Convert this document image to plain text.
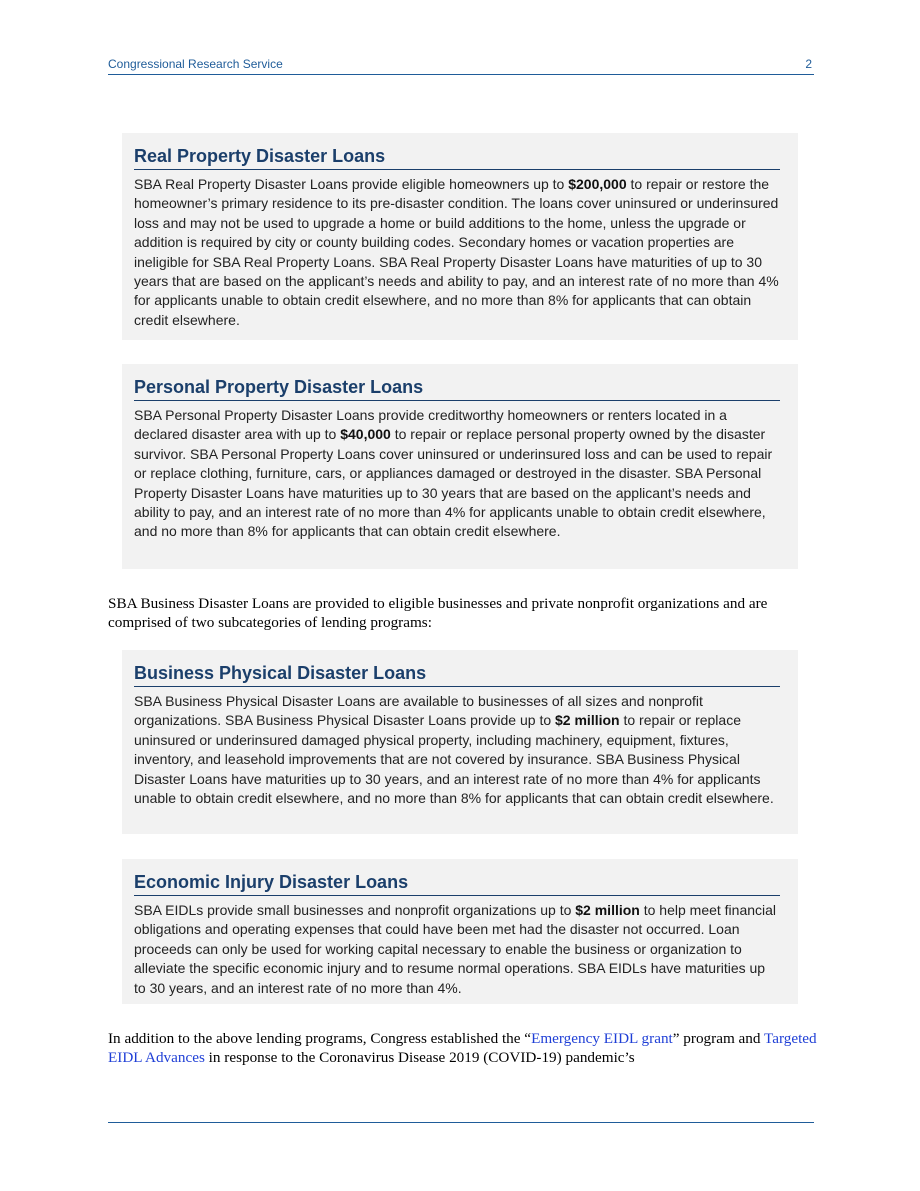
Congressional Research Service	2
Real Property Disaster Loans

SBA Real Property Disaster Loans provide eligible homeowners up to $200,000 to repair or restore the homeowner’s primary residence to its pre-disaster condition. The loans cover uninsured or underinsured loss and may not be used to upgrade a home or build additions to the home, unless the upgrade or addition is required by city or county building codes. Secondary homes or vacation properties are ineligible for SBA Real Property Loans. SBA Real Property Disaster Loans have maturities of up to 30 years that are based on the applicant’s needs and ability to pay, and an interest rate of no more than 4% for applicants unable to obtain credit elsewhere, and no more than 8% for applicants that can obtain credit elsewhere.

Personal Property Disaster Loans

SBA Personal Property Disaster Loans provide creditworthy homeowners or renters located in a declared disaster area with up to $40,000 to repair or replace personal property owned by the disaster survivor. SBA Personal Property Loans cover uninsured or underinsured loss and can be used to repair or replace clothing, furniture, cars, or appliances damaged or destroyed in the disaster. SBA Personal Property Disaster Loans have maturities up to 30 years that are based on the applicant’s needs and ability to pay, and an interest rate of no more than 4% for applicants unable to obtain credit elsewhere, and no more than 8% for applicants that can obtain credit elsewhere.

SBA Business Disaster Loans are provided to eligible businesses and private nonprofit organizations and are comprised of two subcategories of lending programs:
Business Physical Disaster Loans

SBA Business Physical Disaster Loans are available to businesses of all sizes and nonprofit organizations. SBA Business Physical Disaster Loans provide up to $2 million to repair or replace uninsured or underinsured damaged physical property, including machinery, equipment, fixtures, inventory, and leasehold improvements that are not covered by insurance. SBA Business Physical Disaster Loans have maturities up to 30 years, and an interest rate of no more than 4% for applicants unable to obtain credit elsewhere, and no more than 8% for applicants that can obtain credit elsewhere.

Economic Injury Disaster Loans

SBA EIDLs provide small businesses and nonprofit organizations up to $2 million to help meet financial obligations and operating expenses that could have been met had the disaster not occurred. Loan proceeds can only be used for working capital necessary to enable the business or organization to alleviate the specific economic injury and to resume normal operations. SBA EIDLs have maturities up to 30 years, and an interest rate of no more than 4%.

In addition to the above lending programs, Congress established the “Emergency EIDL grant” program and Targeted EIDL Advances in response to the Coronavirus Disease 2019 (COVID-19) pandemic’s
